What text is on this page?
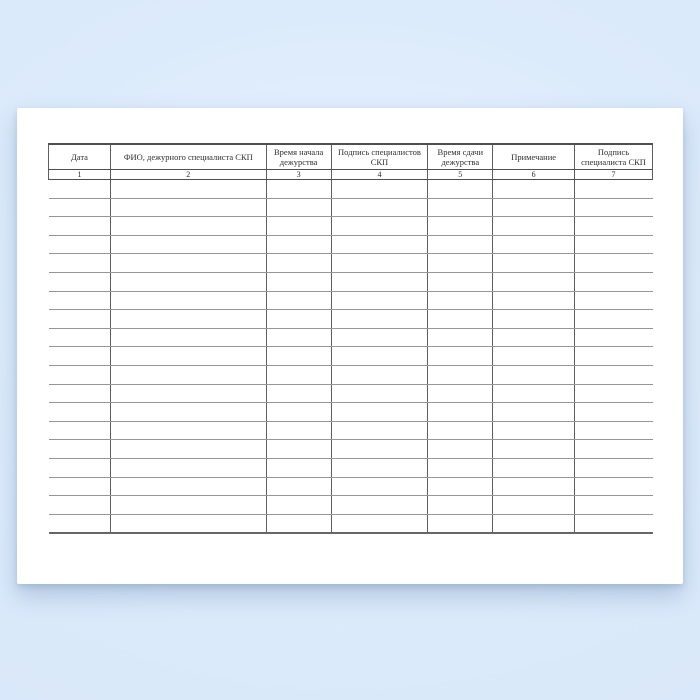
Дата	ФИО, дежурного специалиста СКП	Время начала дежурства	Подпись специалистов СКП	Время сдачи дежурства	Примечание	Подпись специалиста СКП
1	2	3	4	5	6	7
